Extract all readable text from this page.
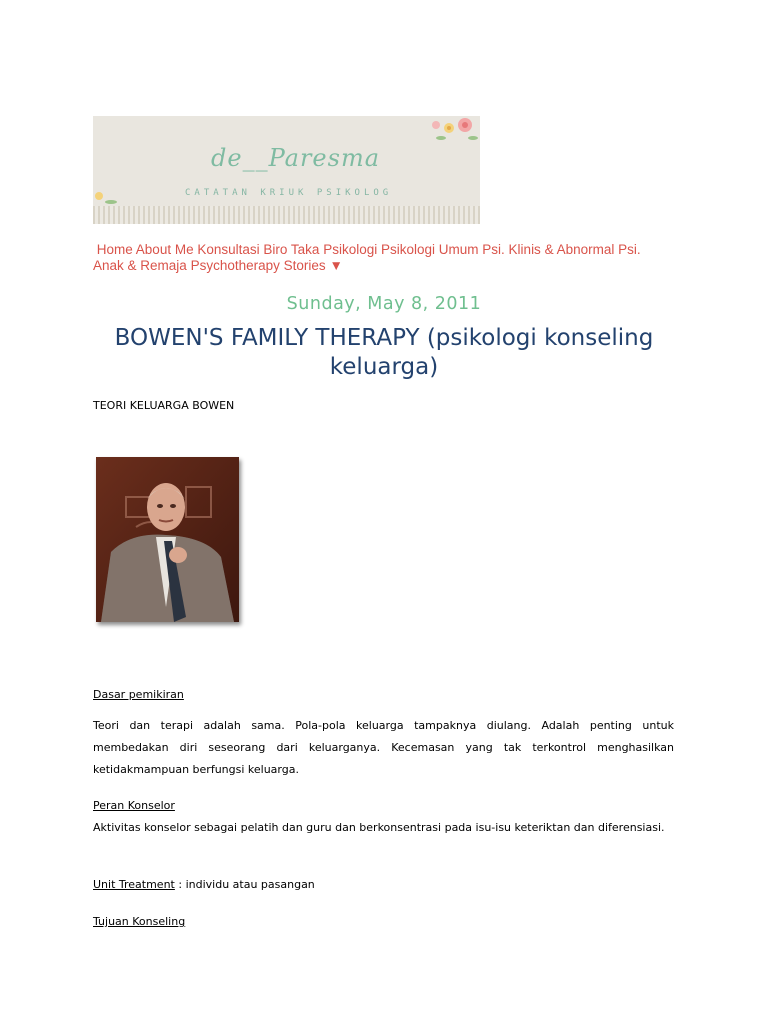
de__Paresma
CATATAN KRIUK PSIKOLOG
Home About Me Konsultasi Biro Taka Psikologi Psikologi Umum Psi. Klinis & Abnormal Psi. Anak & Remaja Psychotherapy Stories ▼
Sunday, May 8, 2011
BOWEN'S FAMILY THERAPY (psikologi konseling keluarga)
TEORI KELUARGA BOWEN
Dasar pemikiran
Teori dan terapi adalah sama. Pola-pola keluarga tampaknya diulang. Adalah penting untuk membedakan diri seseorang dari keluarganya. Kecemasan yang tak terkontrol menghasilkan ketidakmampuan berfungsi keluarga.
Peran Konselor
Aktivitas konselor sebagai pelatih dan guru dan berkonsentrasi pada isu-isu keteriktan dan diferensiasi.
Unit Treatment : individu atau pasangan
Tujuan Konseling
